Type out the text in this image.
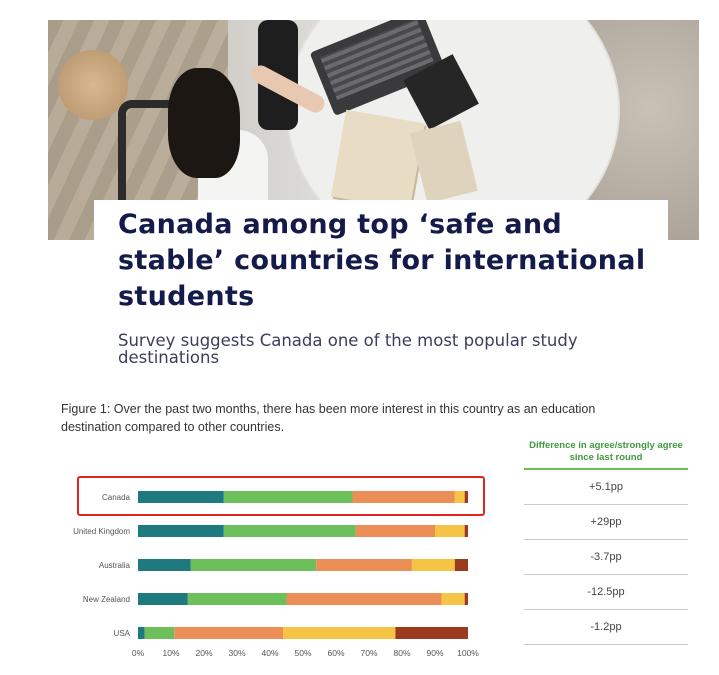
Canada among top ‘safe and stable’ countries for international students

Survey suggests Canada one of the most popular study destinations

Figure 1: Over the past two months, there has been more interest in this country as an education destination compared to other countries.

Canada
United Kingdom
Australia
New Zealand
USA
0% 10% 20% 30% 40% 50% 60% 70% 80% 90% 100%
Difference in agree/strongly agree since last round
+5.1pp
+29pp
-3.7pp
-12.5pp
-1.2pp
